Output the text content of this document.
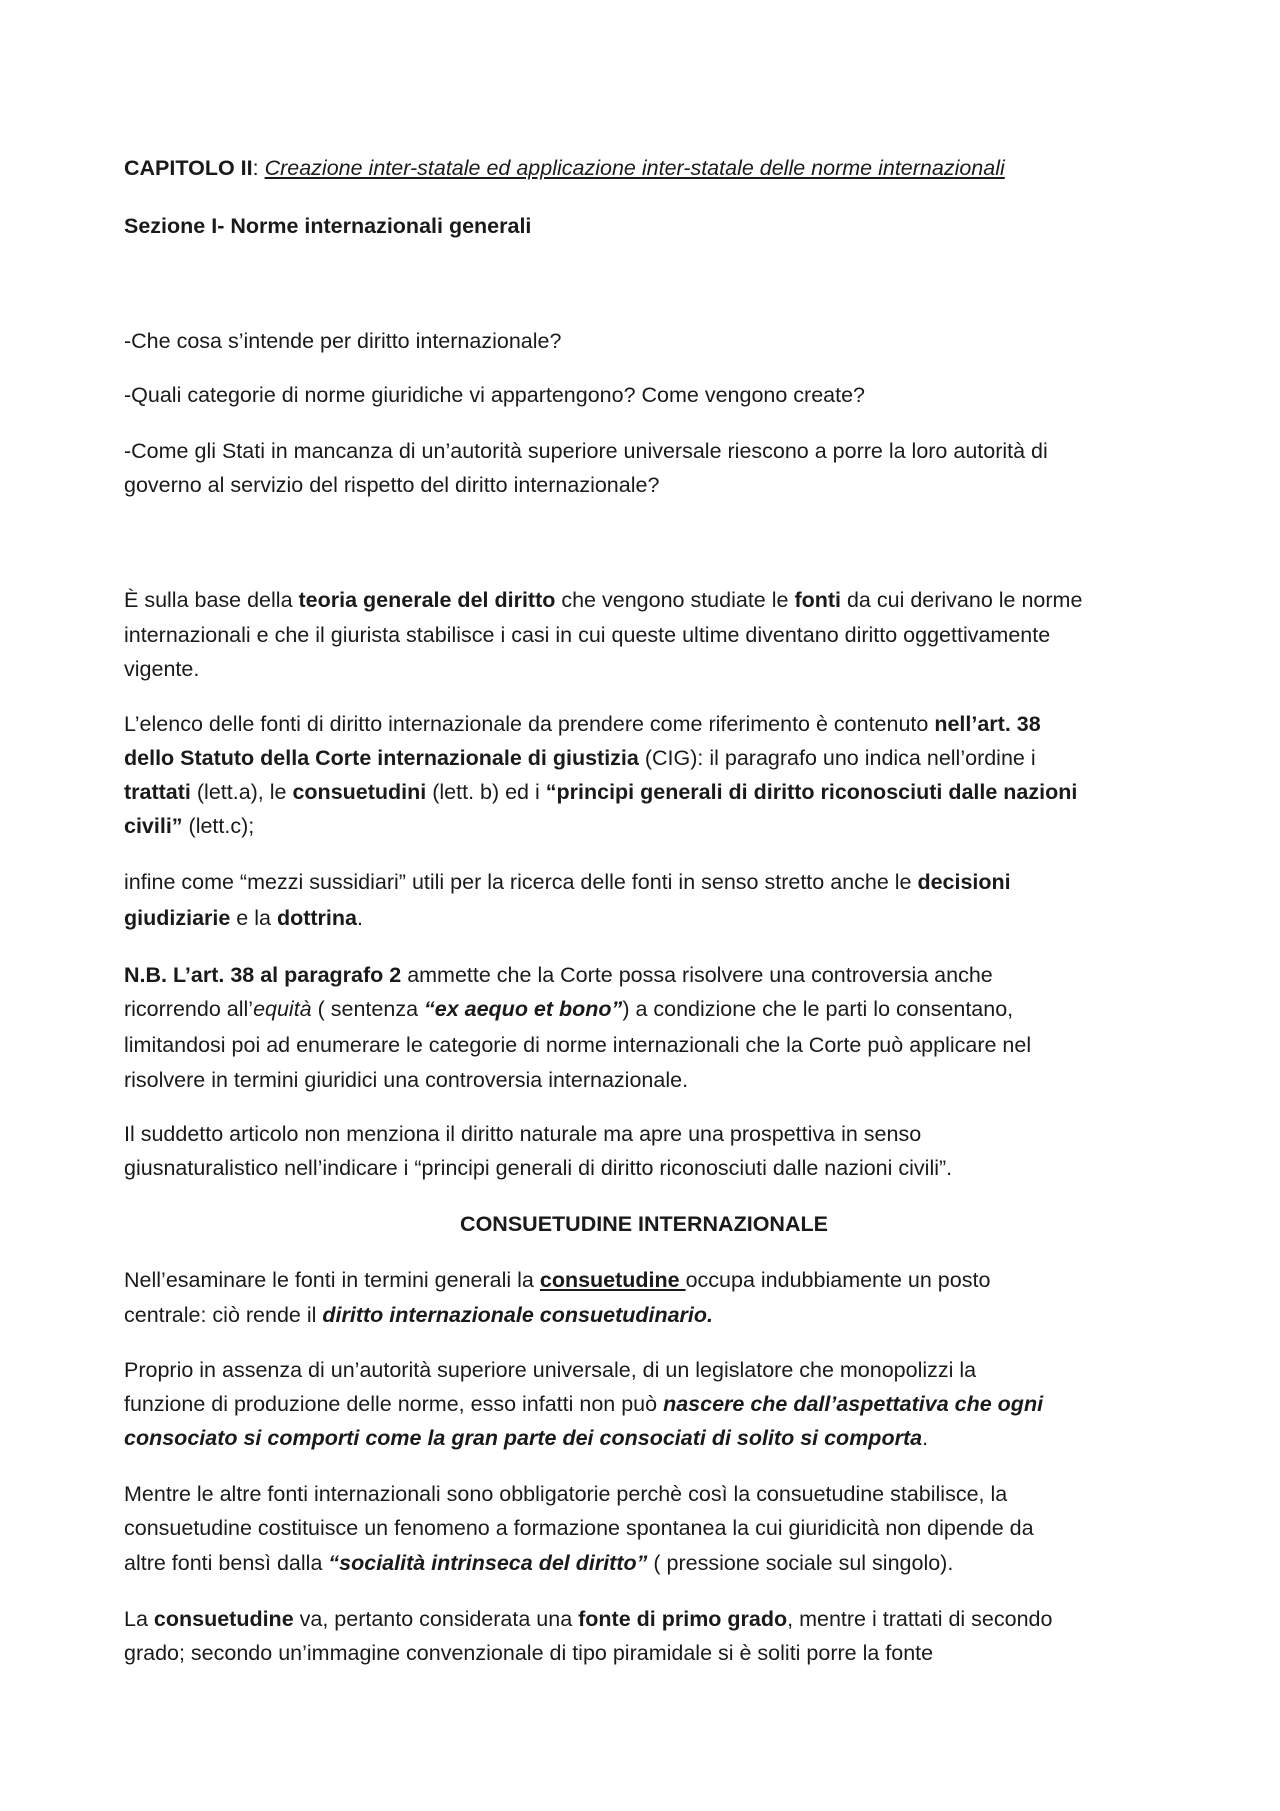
CAPITOLO II: Creazione inter-statale ed applicazione inter-statale delle norme internazionali
Sezione I- Norme internazionali generali
-Che cosa s’intende per diritto internazionale?
-Quali categorie di norme giuridiche vi appartengono? Come vengono create?
-Come gli Stati in mancanza di un’autorità superiore universale riescono a porre la loro autorità di
governo al servizio del rispetto del diritto internazionale?
È sulla base della teoria generale del diritto che vengono studiate le fonti da cui derivano le norme
internazionali e che il giurista stabilisce i casi in cui queste ultime diventano diritto oggettivamente
vigente.
L’elenco delle fonti di diritto internazionale da prendere come riferimento è contenuto nell’art. 38
dello Statuto della Corte internazionale di giustizia (CIG): il paragrafo uno indica nell’ordine i
trattati (lett.a), le consuetudini (lett. b) ed i “principi generali di diritto riconosciuti dalle nazioni
civili” (lett.c);
infine come “mezzi sussidiari” utili per la ricerca delle fonti in senso stretto anche le decisioni
giudiziarie e la dottrina.
N.B. L’art. 38 al paragrafo 2 ammette che la Corte possa risolvere una controversia anche
ricorrendo all’equità ( sentenza “ex aequo et bono”) a condizione che le parti lo consentano,
limitandosi poi ad enumerare le categorie di norme internazionali che la Corte può applicare nel
risolvere in termini giuridici una controversia internazionale.
Il suddetto articolo non menziona il diritto naturale ma apre una prospettiva in senso
giusnaturalistico nell’indicare i “principi generali di diritto riconosciuti dalle nazioni civili”.
CONSUETUDINE INTERNAZIONALE
Nell’esaminare le fonti in termini generali la consuetudine occupa indubbiamente un posto
centrale: ciò rende il diritto internazionale consuetudinario.
Proprio in assenza di un’autorità superiore universale, di un legislatore che monopolizzi la
funzione di produzione delle norme, esso infatti non può nascere che dall’aspettativa che ogni
consociato si comporti come la gran parte dei consociati di solito si comporta.
Mentre le altre fonti internazionali sono obbligatorie perchè così la consuetudine stabilisce, la
consuetudine costituisce un fenomeno a formazione spontanea la cui giuridicità non dipende da
altre fonti bensì dalla “socialità intrinseca del diritto” ( pressione sociale sul singolo).
La consuetudine va, pertanto considerata una fonte di primo grado, mentre i trattati di secondo
grado; secondo un’immagine convenzionale di tipo piramidale si è soliti porre la fonte
